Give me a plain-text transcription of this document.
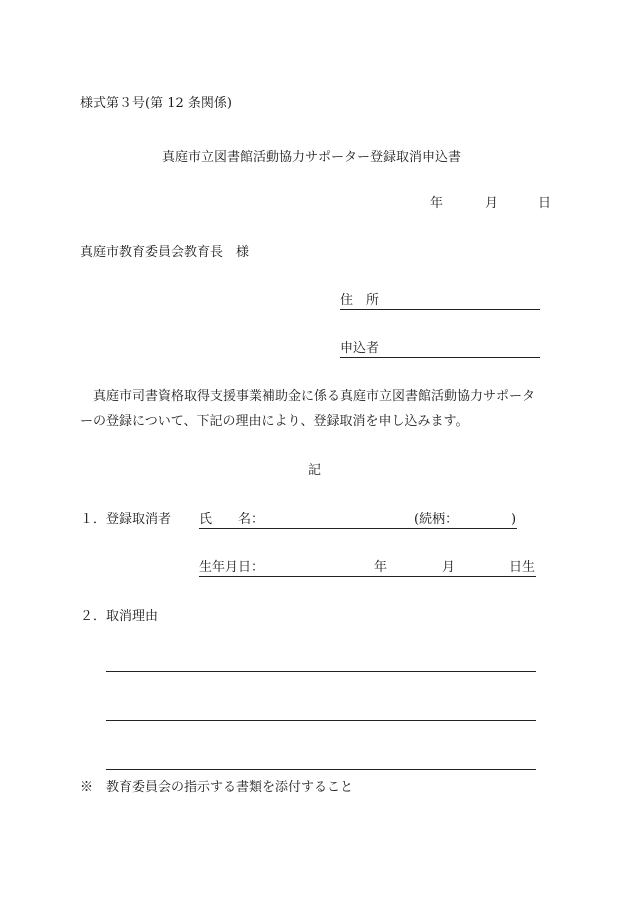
様式第３号(第 12 条関係)
真庭市立図書館活動協力サポーター登録取消申込書
年	月	日
真庭市教育委員会教育長　様
住　所
申込者
　真庭市司書資格取得支援事業補助金に係る真庭市立図書館活動協力サポータ
ーの登録について、下記の理由により、登録取消を申し込みます。
記
１．登録取消者 氏　　名：	(続柄：	)
生年月日：	年	月	日生
２．取消理由
※　教育委員会の指示する書類を添付すること
